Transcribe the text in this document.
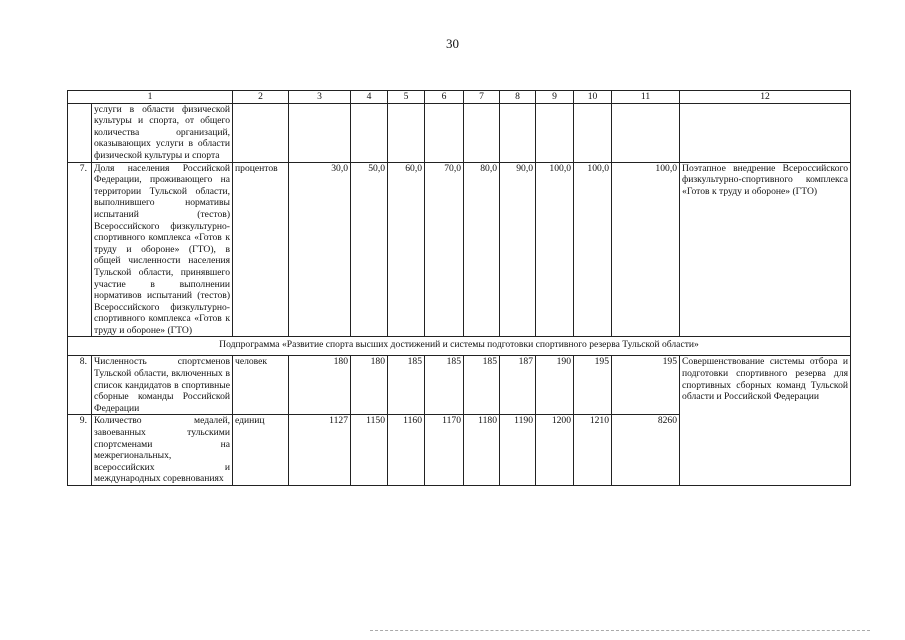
30
1		2	3	4	5	6	7	8	9	10	11	12
	услуги в области физической культуры и спорта, от общего количества организаций, оказывающих услуги в области физической культуры и спорта											

7.	Доля населения Российской Федерации, проживающего на территории Тульской области, выполнившего нормативы испытаний (тестов) Всероссийского физкультурно-спортивного комплекса «Готов к труду и обороне» (ГТО), в общей численности населения Тульской области, принявшего участие в выполнении нормативов испытаний (тестов) Всероссийского физкультурно-спортивного комплекса «Готов к труду и обороне» (ГТО)	процентов	30,0	50,0	60,0	70,0	80,0	90,0	100,0	100,0	100,0	Поэтапное внедрение Всероссийского физкультурно-спортивного комплекса «Готов к труду и обороне» (ГТО)
Подпрограмма «Развитие спорта высших достижений и системы подготовки спортивного резерва Тульской области»												

8.	Численность спортсменов Тульской области, включенных в список кандидатов в спортивные сборные команды Российской Федерации	человек	180	180	185	185	185	187	190	195	195	Совершенствование системы отбора и подготовки спортивного резерва для спортивных сборных команд Тульской области и Российской Федерации

9.	Количество медалей, завоеванных тульскими спортсменами на межрегиональных, всероссийских и международных соревнованиях	единиц	1127	1150	1160	1170	1180	1190	1200	1210	8260	
